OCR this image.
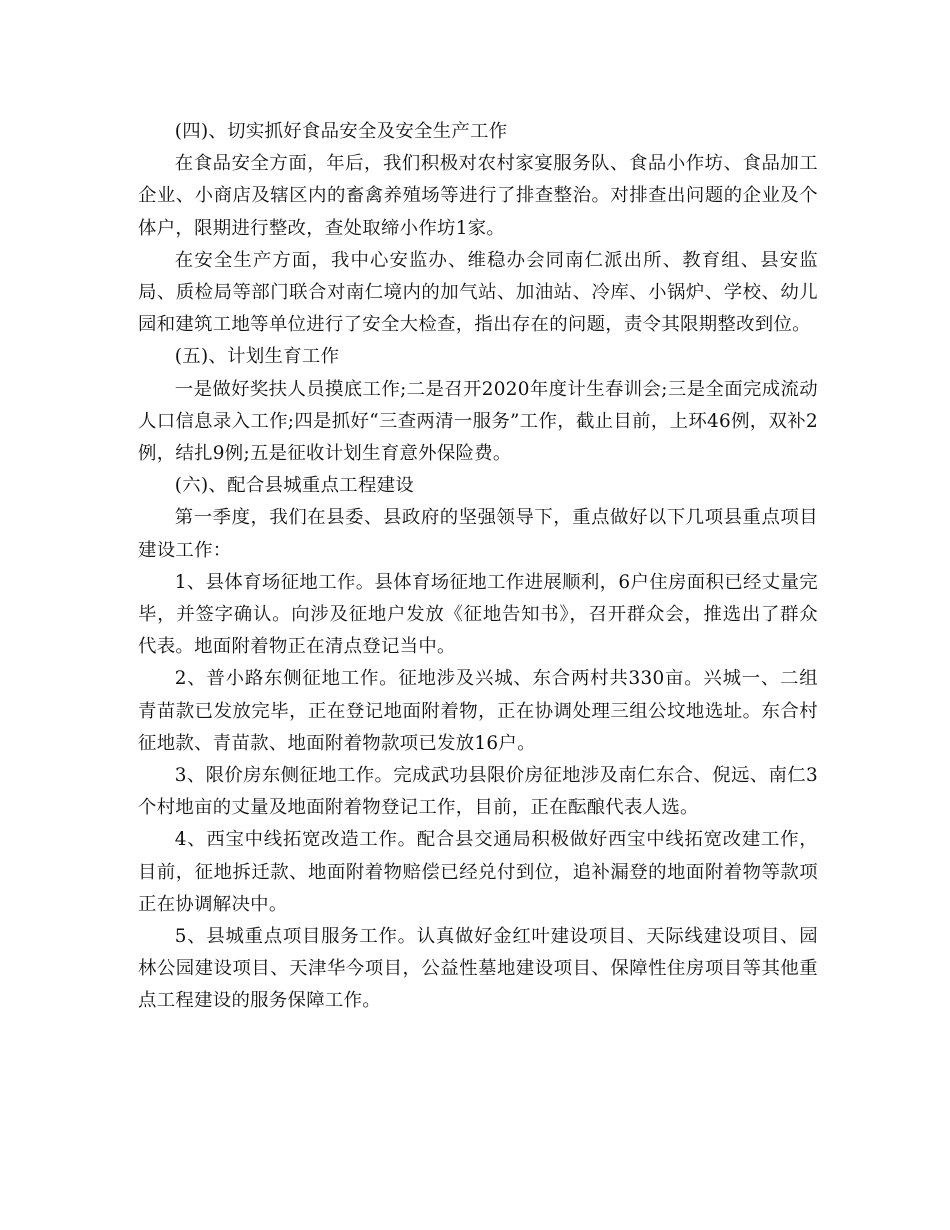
(四)、切实抓好食品安全及安全生产工作

在食品安全方面，年后，我们积极对农村家宴服务队、食品小作坊、食品加工企业、小商店及辖区内的畜禽养殖场等进行了排查整治。对排查出问题的企业及个体户，限期进行整改，查处取缔小作坊1家。

在安全生产方面，我中心安监办、维稳办会同南仁派出所、教育组、县安监局、质检局等部门联合对南仁境内的加气站、加油站、冷库、小锅炉、学校、幼儿园和建筑工地等单位进行了安全大检查，指出存在的问题，责令其限期整改到位。

(五)、计划生育工作

一是做好奖扶人员摸底工作;二是召开2020年度计生春训会;三是全面完成流动人口信息录入工作;四是抓好“三查两清一服务”工作，截止目前，上环46例，双补2例，结扎9例;五是征收计划生育意外保险费。

(六)、配合县城重点工程建设

第一季度，我们在县委、县政府的坚强领导下，重点做好以下几项县重点项目建设工作：

1、县体育场征地工作。县体育场征地工作进展顺利，6户住房面积已经丈量完毕，并签字确认。向涉及征地户发放《征地告知书》，召开群众会，推选出了群众代表。地面附着物正在清点登记当中。

2、普小路东侧征地工作。征地涉及兴城、东合两村共330亩。兴城一、二组青苗款已发放完毕，正在登记地面附着物，正在协调处理三组公坟地选址。东合村征地款、青苗款、地面附着物款项已发放16户。

3、限价房东侧征地工作。完成武功县限价房征地涉及南仁东合、倪远、南仁3个村地亩的丈量及地面附着物登记工作，目前，正在酝酿代表人选。

4、西宝中线拓宽改造工作。配合县交通局积极做好西宝中线拓宽改建工作，目前，征地拆迁款、地面附着物赔偿已经兑付到位，追补漏登的地面附着物等款项正在协调解决中。

5、县城重点项目服务工作。认真做好金红叶建设项目、天际线建设项目、园林公园建设项目、天津华今项目，公益性墓地建设项目、保障性住房项目等其他重点工程建设的服务保障工作。
